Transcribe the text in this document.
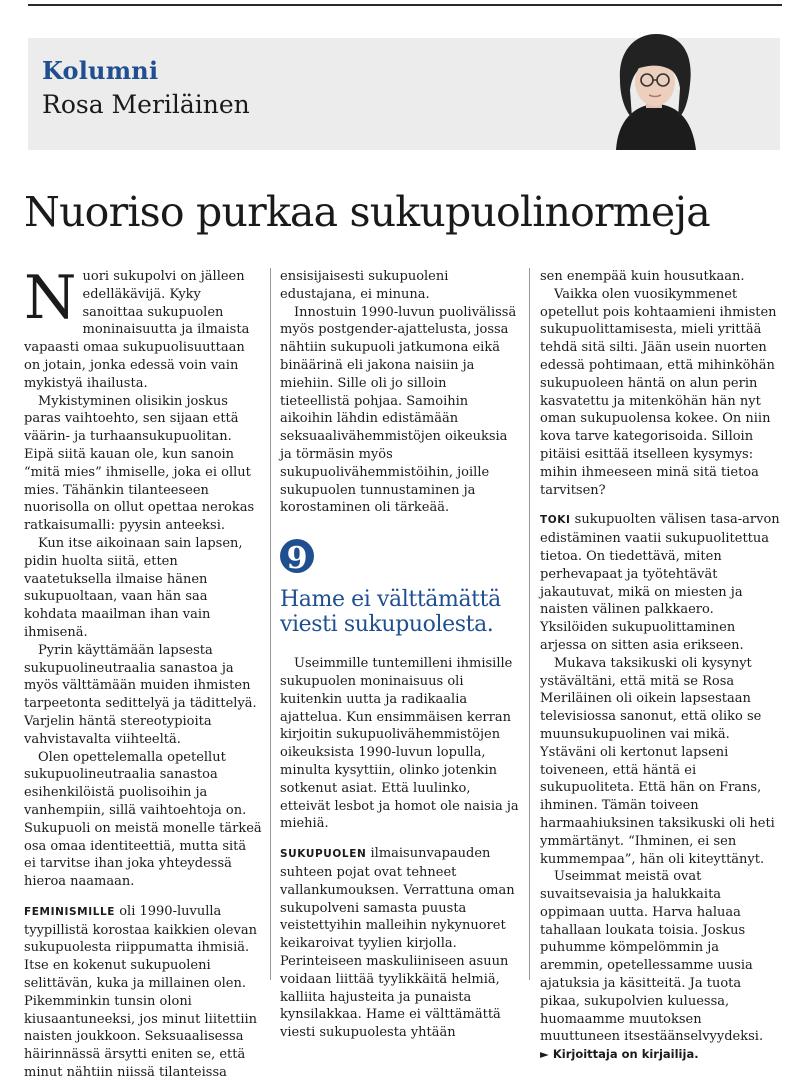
Kolumni
Rosa Meriläinen
Nuoriso purkaa sukupuolinormeja

Nuori sukupolvi on jälleen edelläkävijä. Kyky sanoittaa sukupuolen moninaisuutta ja ilmaista vapaasti omaa sukupuolisuuttaan on jotain, jonka edessä voin vain mykistyä ihailusta.

Mykistyminen olisikin joskus paras vaihtoehto, sen sijaan että väärin- ja turhaansukupuolitan. Eipä siitä kauan ole, kun sanoin “mitä mies” ihmiselle, joka ei ollut mies. Tähänkin tilanteeseen nuorisolla on ollut opettaa nerokas ratkaisumalli: pyysin anteeksi.

Kun itse aikoinaan sain lapsen, pidin huolta siitä, etten vaatetuksella ilmaise hänen sukupuoltaan, vaan hän saa kohdata maailman ihan vain ihmisenä.

Pyrin käyttämään lapsesta sukupuolineutraalia sanastoa ja myös välttämään muiden ihmisten tarpeetonta sedittelyä ja tädittelyä. Varjelin häntä stereotypioita vahvistavalta viihteeltä.

Olen opettelemalla opetellut sukupuolineutraalia sanastoa esihenkilöistä puolisoihin ja vanhempiin, sillä vaihtoehtoja on. Sukupuoli on meistä monelle tärkeä osa omaa identiteettiä, mutta sitä ei tarvitse ihan joka yhteydessä hieroa naamaan.

FEMINISMILLE oli 1990-luvulla tyypillistä korostaa kaikkien olevan sukupuolesta riippumatta ihmisiä. Itse en kokenut sukupuoleni selittävän, kuka ja millainen olen. Pikemminkin tunsin oloni kiusaantuneeksi, jos minut liitettiin naisten joukkoon. Seksuaalisessa häirinnässä ärsytti eniten se, että minut nähtiin niissä tilanteissa

ensisijaisesti sukupuoleni edustajana, ei minuna.

Innostuin 1990-luvun puolivälissä myös postgender-ajattelusta, jossa nähtiin sukupuoli jatkumona eikä binäärinä eli jakona naisiin ja miehiin. Sille oli jo silloin tieteellistä pohjaa. Samoihin aikoihin lähdin edistämään seksuaalivähemmistöjen oikeuksia ja törmäsin myös sukupuolivähemmistöihin, joille sukupuolen tunnustaminen ja korostaminen oli tärkeää.

9
Hame ei välttämättä viesti sukupuolesta.

Useimmille tuntemilleni ihmisille sukupuolen moninaisuus oli kuitenkin uutta ja radikaalia ajattelua. Kun ensimmäisen kerran kirjoitin sukupuolivähemmistöjen oikeuksista 1990-luvun lopulla, minulta kysyttiin, olinko jotenkin sotkenut asiat. Että luulinko, etteivät lesbot ja homot ole naisia ja miehiä.

SUKUPUOLEN ilmaisunvapauden suhteen pojat ovat tehneet vallankumouksen. Verrattuna oman sukupolveni samasta puusta veistettyihin malleihin nykynuoret keikaroivat tyylien kirjolla. Perinteiseen maskuliiniseen asuun voidaan liittää tyylikkäitä helmiä, kalliita hajusteita ja punaista kynsilakkaa. Hame ei välttämättä viesti sukupuolesta yhtään

sen enempää kuin housutkaan.

Vaikka olen vuosikymmenet opetellut pois kohtaamieni ihmisten sukupuolittamisesta, mieli yrittää tehdä sitä silti. Jään usein nuorten edessä pohtimaan, että mihinköhän sukupuoleen häntä on alun perin kasvatettu ja mitenköhän hän nyt oman sukupuolensa kokee. On niin kova tarve kategorisoida. Silloin pitäisi esittää itselleen kysymys: mihin ihmeeseen minä sitä tietoa tarvitsen?

TOKI sukupuolten välisen tasa-arvon edistäminen vaatii sukupuolitettua tietoa. On tiedettävä, miten perhevapaat ja työtehtävät jakautuvat, mikä on miesten ja naisten välinen palkkaero. Yksilöiden sukupuolittaminen arjessa on sitten asia erikseen.

Mukava taksikuski oli kysynyt ystävältäni, että mitä se Rosa Meriläinen oli oikein lapsestaan televisiossa sanonut, että oliko se muunsukupuolinen vai mikä. Ystäväni oli kertonut lapseni toiveneen, että häntä ei sukupuoliteta. Että hän on Frans, ihminen. Tämän toiveen harmaahiuksinen taksikuski oli heti ymmärtänyt. “Ihminen, ei sen kummempaa”, hän oli kiteyttänyt.

Useimmat meistä ovat suvaitsevaisia ja halukkaita oppimaan uutta. Harva haluaa tahallaan loukata toisia. Joskus puhumme kömpelömmin ja aremmin, opetellessamme uusia ajatuksia ja käsitteitä. Ja tuota pikaa, sukupolvien kuluessa, huomaamme muutoksen muuttuneen itsestäänselvyydeksi.

► Kirjoittaja on kirjailija.
